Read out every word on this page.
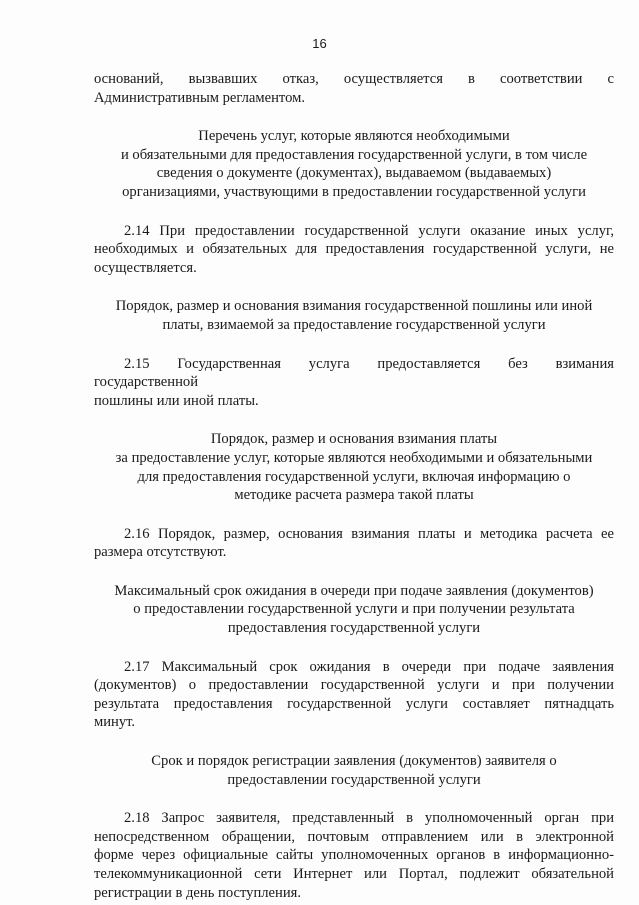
16
оснований, вызвавших отказ, осуществляется в соответствии с
Административным регламентом.
Перечень услуг, которые являются необходимыми
и обязательными для предоставления государственной услуги, в том числе
сведения о документе (документах), выдаваемом (выдаваемых)
организациями, участвующими в предоставлении государственной услуги
2.14 При предоставлении государственной услуги оказание иных услуг,
необходимых и обязательных для предоставления государственной услуги, не
осуществляется.
Порядок, размер и основания взимания государственной пошлины или иной
платы, взимаемой за предоставление государственной услуги
2.15 Государственная услуга предоставляется без взимания
государственной
пошлины или иной платы.
Порядок, размер и основания взимания платы
за предоставление услуг, которые являются необходимыми и обязательными
для предоставления государственной услуги, включая информацию о
методике расчета размера такой платы
2.16 Порядок, размер, основания взимания платы и методика расчета ее
размера отсутствуют.
Максимальный срок ожидания в очереди при подаче заявления (документов)
о предоставлении государственной услуги и при получении результата
предоставления государственной услуги
2.17 Максимальный срок ожидания в очереди при подаче заявления
(документов) о предоставлении государственной услуги и при получении
результата предоставления государственной услуги составляет пятнадцать
минут.
Срок и порядок регистрации заявления (документов) заявителя о
предоставлении государственной услуги
2.18 Запрос заявителя, представленный в уполномоченный орган при
непосредственном обращении, почтовым отправлением или в электронной
форме через официальные сайты уполномоченных органов в информационно-
телекоммуникационной сети Интернет или Портал, подлежит обязательной
регистрации в день поступления.
